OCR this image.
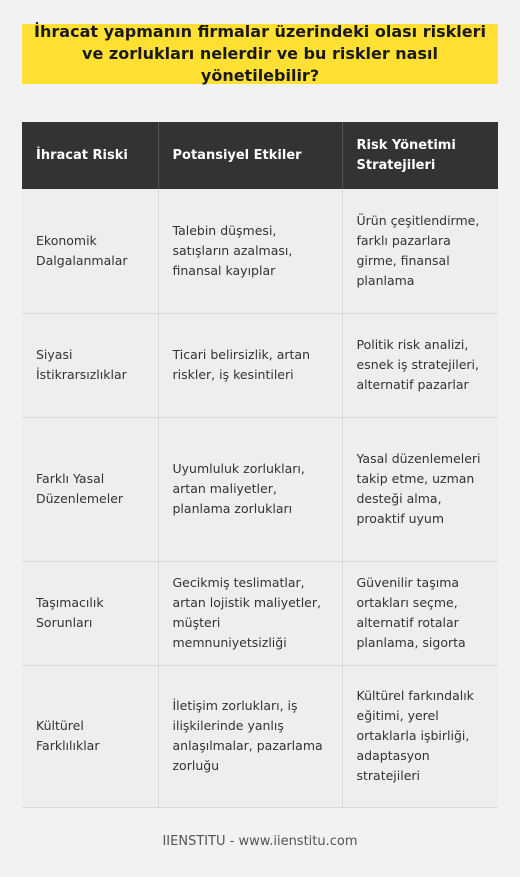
İhracat yapmanın firmalar üzerindeki olası riskleri ve zorlukları nelerdir ve bu riskler nasıl yönetilebilir?
İhracat Riski	Potansiyel Etkiler	Risk Yönetimi Stratejileri
Ekonomik Dalgalanmalar	Talebin düşmesi, satışların azalması, finansal kayıplar	Ürün çeşitlendirme, farklı pazarlara girme, finansal planlama
Siyasi İstikrarsızlıklar	Ticari belirsizlik, artan riskler, iş kesintileri	Politik risk analizi, esnek iş stratejileri, alternatif pazarlar
Farklı Yasal Düzenlemeler	Uyumluluk zorlukları, artan maliyetler, planlama zorlukları	Yasal düzenlemeleri takip etme, uzman desteği alma, proaktif uyum
Taşımacılık Sorunları	Gecikmiş teslimatlar, artan lojistik maliyetler, müşteri memnuniyetsizliği	Güvenilir taşıma ortakları seçme, alternatif rotalar planlama, sigorta
Kültürel Farklılıklar	İletişim zorlukları, iş ilişkilerinde yanlış anlaşılmalar, pazarlama zorluğu	Kültürel farkındalık eğitimi, yerel ortaklarla işbirliği, adaptasyon stratejileri
IIENSTITU - www.iienstitu.com
